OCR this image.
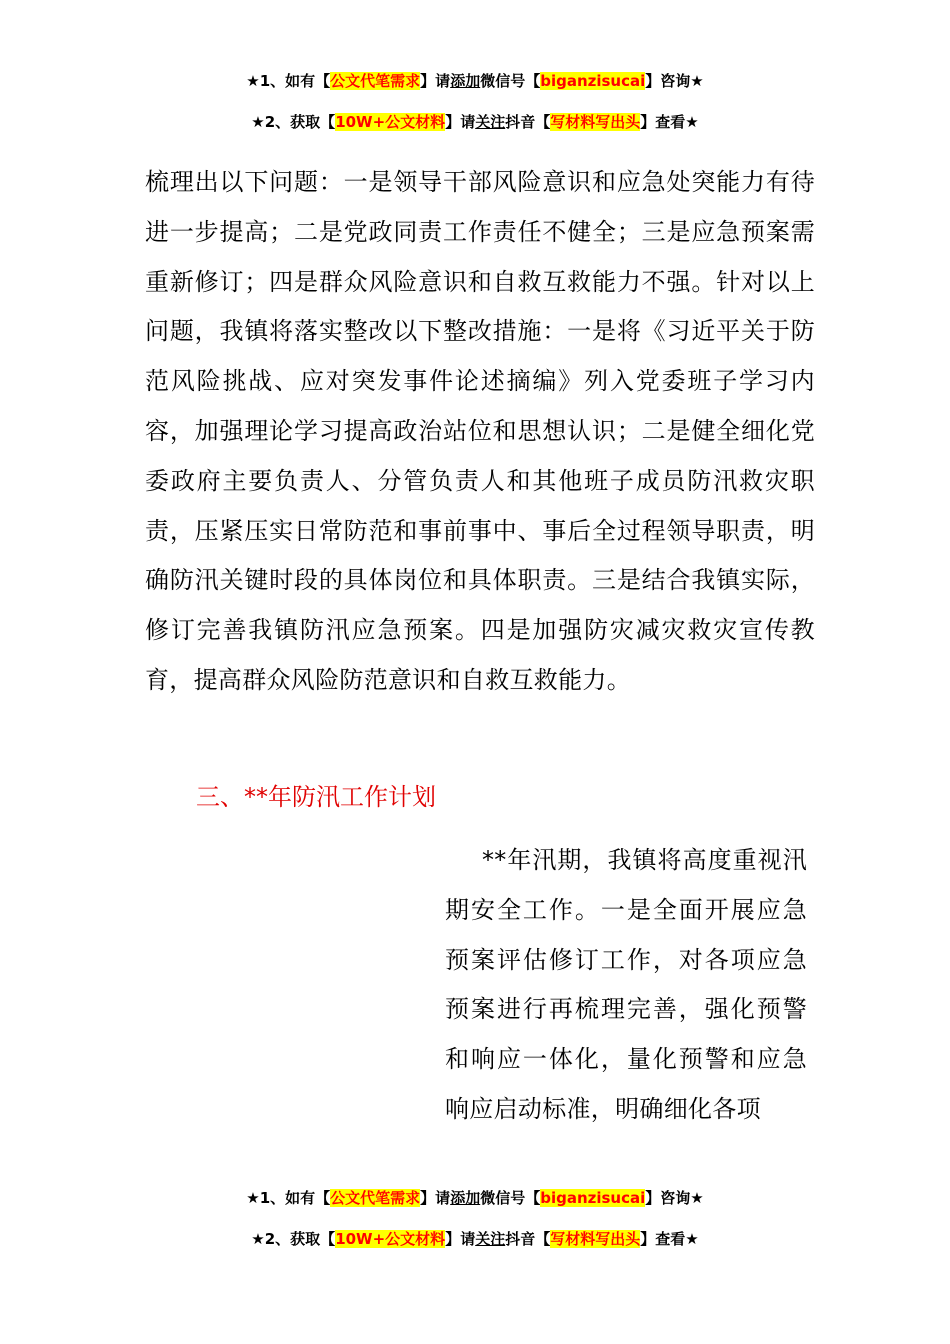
★1、如有【公文代笔需求】请添加微信号【biganzisucai】咨询★
★2、获取【10W+公文材料】请关注抖音【写材料写出头】查看★

梳理出以下问题：一是领导干部风险意识和应急处突能力有待进一步提高；二是党政同责工作责任不健全；三是应急预案需重新修订；四是群众风险意识和自救互救能力不强。针对以上问题，我镇将落实整改以下整改措施：一是将《习近平关于防范风险挑战、应对突发事件论述摘编》列入党委班子学习内容，加强理论学习提高政治站位和思想认识；二是健全细化党委政府主要负责人、分管负责人和其他班子成员防汛救灾职责，压紧压实日常防范和事前事中、事后全过程领导职责，明确防汛关键时段的具体岗位和具体职责。三是结合我镇实际，修订完善我镇防汛应急预案。四是加强防灾减灾救灾宣传教育，提高群众风险防范意识和自救互救能力。

三、**年防汛工作计划

**年汛期，我镇将高度重视汛期安全工作。一是全面开展应急预案评估修订工作，对各项应急预案进行再梳理完善，强化预警和响应一体化，量化预警和应急响应启动标准，明确细化各项

★1、如有【公文代笔需求】请添加微信号【biganzisucai】咨询★
★2、获取【10W+公文材料】请关注抖音【写材料写出头】查看★
